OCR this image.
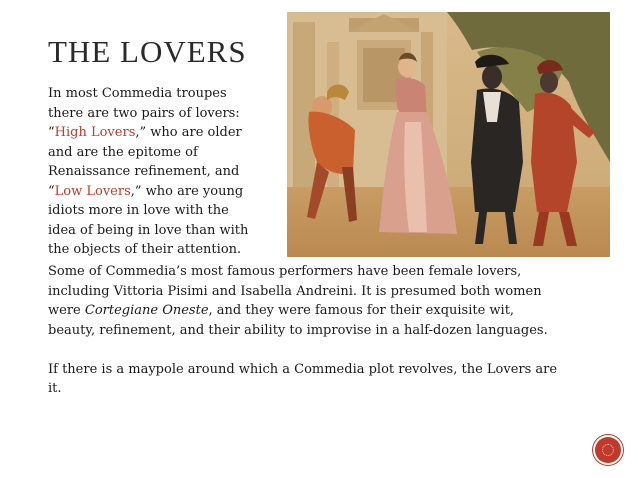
THE LOVERS
In most Commedia troupes
there are two pairs of lovers:
“High Lovers,” who are older
and are the epitome of
Renaissance refinement, and
“Low Lovers,” who are young
idiots more in love with the
idea of being in love than with
the objects of their attention.
Some of Commedia’s most famous performers have been female lovers,
including Vittoria Pisimi and Isabella Andreini. It is presumed both women
were Cortegiane Oneste, and they were famous for their exquisite wit,
beauty, refinement, and their ability to improvise in a half-dozen languages.
If there is a maypole around which a Commedia plot revolves, the Lovers are
it.
